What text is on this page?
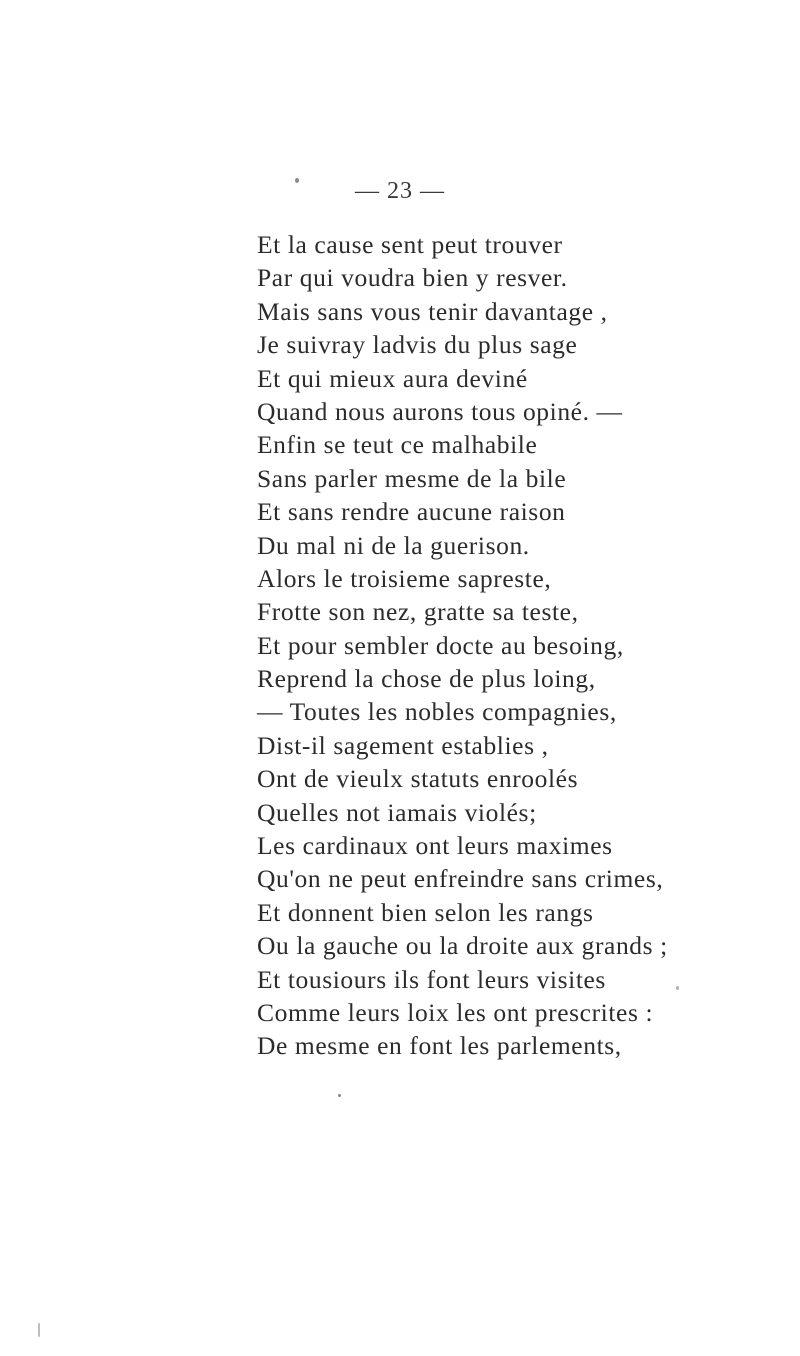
— 23 —
Et la cause sent peut trouver
Par qui voudra bien y resver.
Mais sans vous tenir davantage ,
Je suivray ladvis du plus sage
Et qui mieux aura deviné
Quand nous aurons tous opiné. —
Enfin se teut ce malhabile
Sans parler mesme de la bile
Et sans rendre aucune raison
Du mal ni de la guerison.
Alors le troisieme sapreste,
Frotte son nez, gratte sa teste,
Et pour sembler docte au besoing,
Reprend la chose de plus loing,
— Toutes les nobles compagnies,
Dist-il sagement establies ,
Ont de vieulx statuts enroolés
Quelles not iamais violés;
Les cardinaux ont leurs maximes
Qu'on ne peut enfreindre sans crimes,
Et donnent bien selon les rangs
Ou la gauche ou la droite aux grands ;
Et tousiours ils font leurs visites
Comme leurs loix les ont prescrites :
De mesme en font les parlements,
